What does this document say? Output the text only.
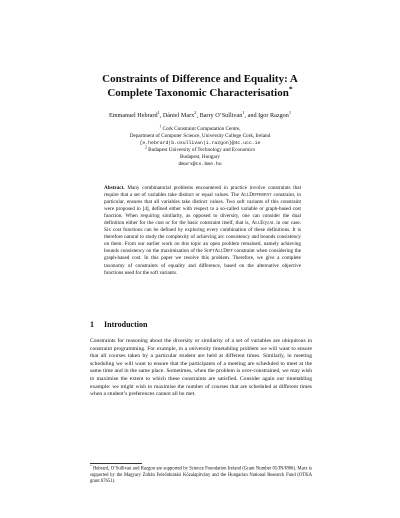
Constraints of Difference and Equality: A
Complete Taxonomic Characterisation*
Emmanuel Hebrard$^1$, Dániel Marx$^2$, Barry O’Sullivan$^1$, and Igor Razgon$^1$
$^1$ Cork Constraint Computation Centre,
Department of Computer Science, University College Cork, Ireland
{e.hebrard|b.osullivan|i.razgon}@4c.ucc.ie
$^2$ Budapest University of Technology and Economics
Budapest, Hungary
dmarx@cs.bme.hu
Abstract. Many combinatorial problems encountered in practice involve constraints that require that a set of variables take distinct or equal values. The AllDifferent constraint, in particular, ensures that all variables take distinct values. Two soft variants of this constraint were proposed in [4], defined either with respect to a so-called variable or graph-based cost function. When requiring similarity, as opposed to diversity, one can consider the dual definition either for the cost or for the basic constraint itself, that is, AllEqual in our case. Six cost functions can be defined by exploring every combination of these definitions. It is therefore natural to study the complexity of achieving arc consistency and bounds consistency on them. From our earlier work on this topic an open problem remained, namely achieving bounds consistency on the maximisation of the SoftAllDiff constraint when considering the graph-based cost. In this paper we resolve this problem. Therefore, we give a complete taxonomy of constraints of equality and difference, based on the alternative objective functions used for the soft variants.
1 Introduction
Constraints for reasoning about the diversity or similarity of a set of variables are ubiquitous in constraint programming. For example, in a university timetabling problem we will want to ensure that all courses taken by a particular student are held at different times. Similarly, in meeting scheduling we will want to ensure that the participants of a meeting are scheduled to meet at the same time and in the same place. Sometimes, when the problem is over-constrained, we may wish to maximise the extent to which these constraints are satisfied. Consider again our timetabling example: we might wish to maximise the number of courses that are scheduled at different times when a student’s preferences cannot all be met.
* Hebrard, O’Sullivan and Razgon are supported by Science Foundation Ireland (Grant Number 05/IN/I886). Marx is supported by the Magyary Zoltán Felsőoktatási Közalapítvány and the Hungarian National Research Fund (OTKA grant 67651).
